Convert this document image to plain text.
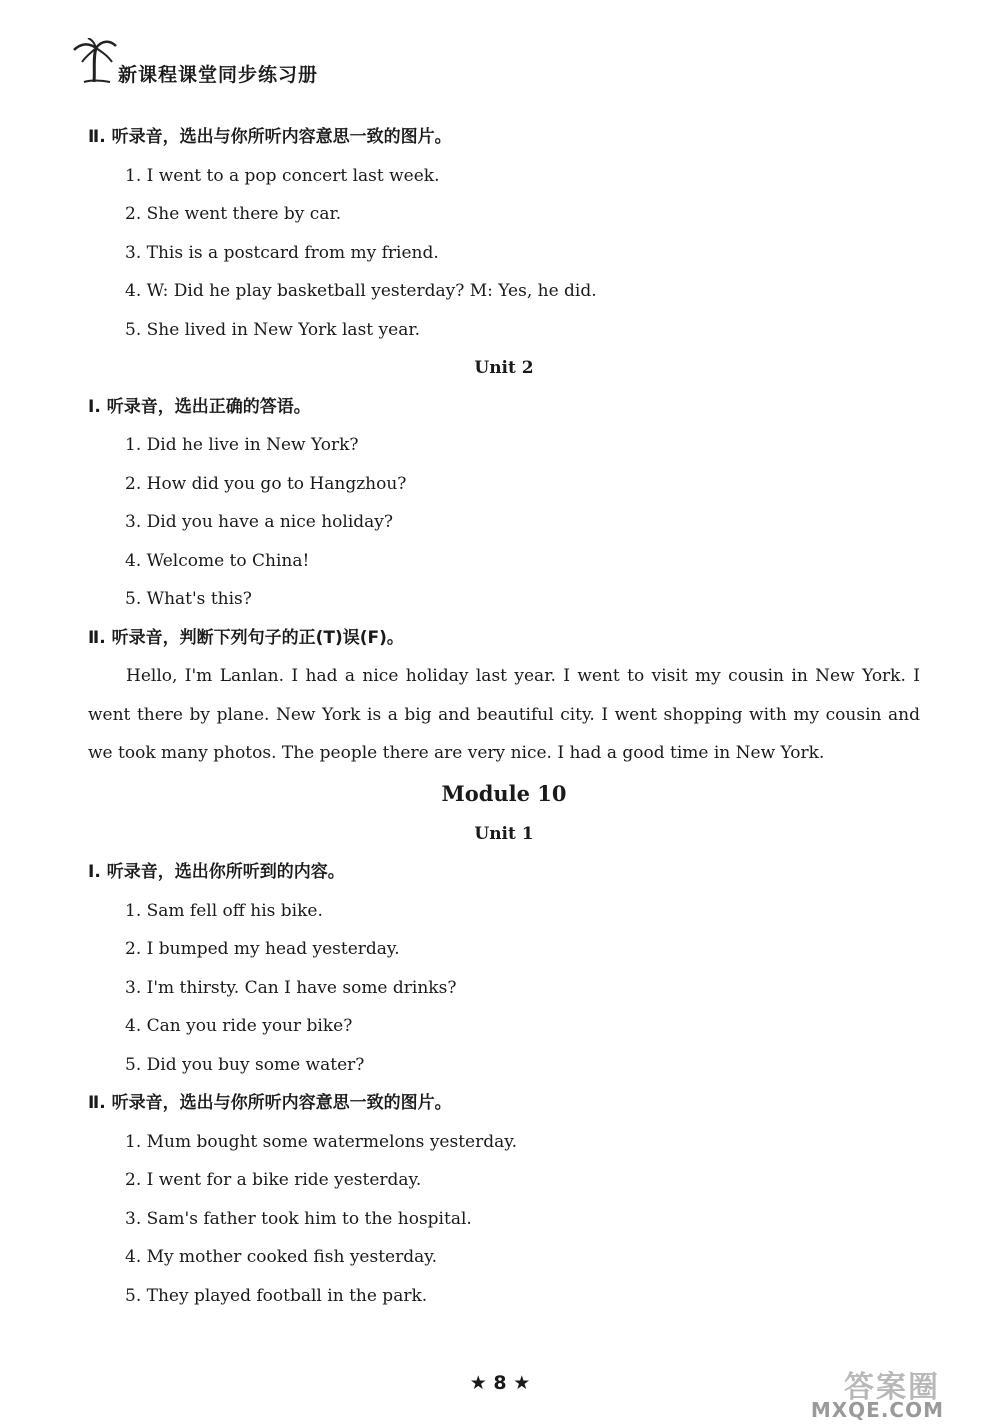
新课程课堂同步练习册
Ⅱ. 听录音，选出与你所听内容意思一致的图片。
1. I went to a pop concert last week.
2. She went there by car.
3. This is a postcard from my friend.
4. W: Did he play basketball yesterday? M: Yes, he did.
5. She lived in New York last year.
Unit 2
Ⅰ. 听录音，选出正确的答语。
1. Did he live in New York?
2. How did you go to Hangzhou?
3. Did you have a nice holiday?
4. Welcome to China!
5. What's this?
Ⅱ. 听录音，判断下列句子的正(T)误(F)。

Hello, I'm Lanlan. I had a nice holiday last year. I went to visit my cousin in New York. I went there by plane. New York is a big and beautiful city. I went shopping with my cousin and we took many photos. The people there are very nice. I had a good time in New York.

Module 10
Unit 1
Ⅰ. 听录音，选出你所听到的内容。
1. Sam fell off his bike.
2. I bumped my head yesterday.
3. I'm thirsty. Can I have some drinks?
4. Can you ride your bike?
5. Did you buy some water?
Ⅱ. 听录音，选出与你所听内容意思一致的图片。
1. Mum bought some watermelons yesterday.
2. I went for a bike ride yesterday.
3. Sam's father took him to the hospital.
4. My mother cooked fish yesterday.
5. They played football in the park.
★ 8 ★	答案圈
MXQE.COM
